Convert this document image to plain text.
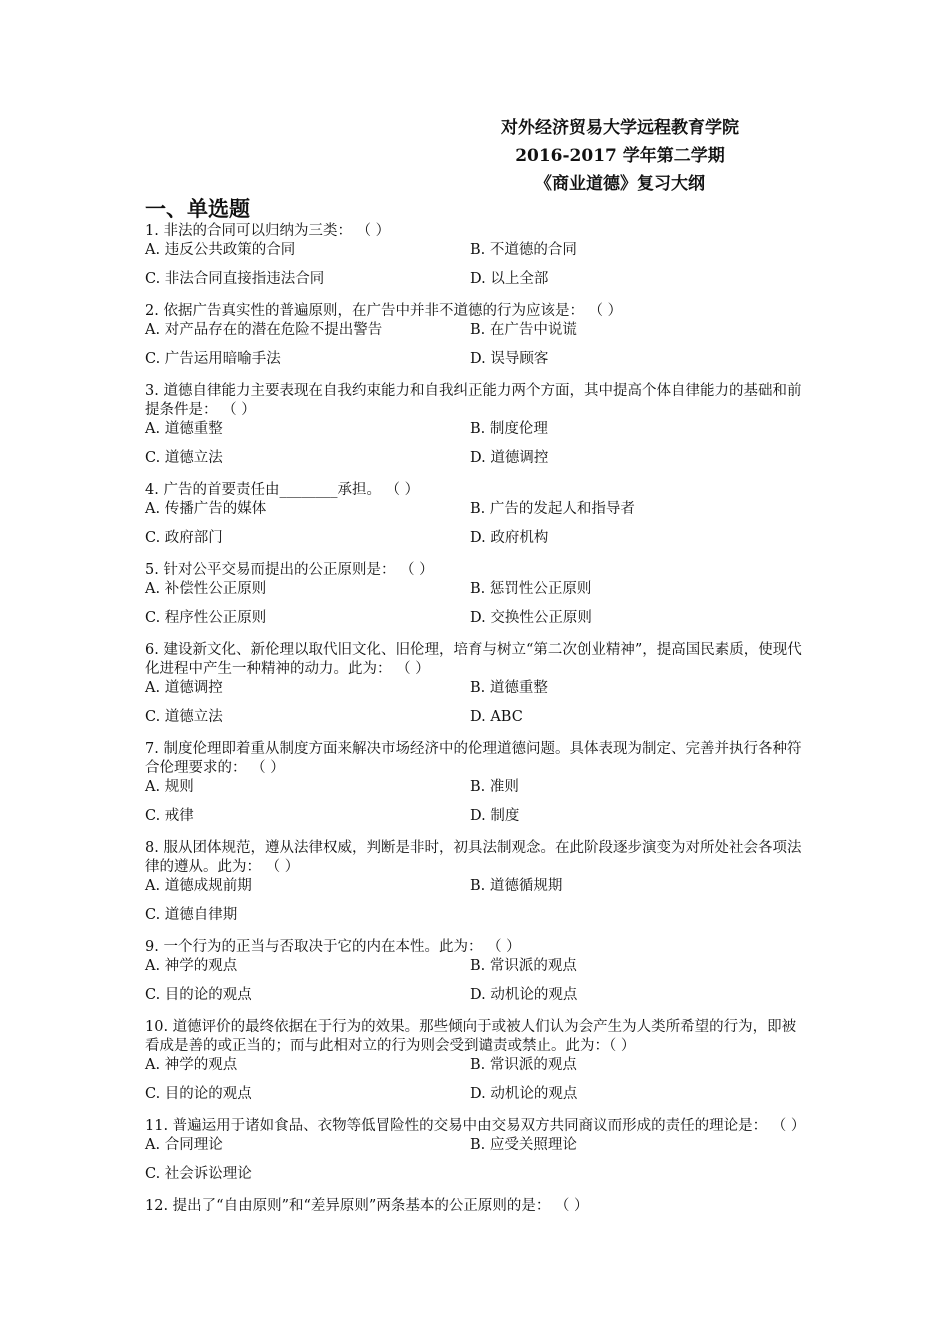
对外经济贸易大学远程教育学院
2016-2017 学年第二学期
《商业道德》复习大纲
一、单选题
1. 非法的合同可以归纳为三类： （ ）
A. 违反公共政策的合同	B. 不道德的合同
C. 非法合同直接指违法合同	D. 以上全部
2. 依据广告真实性的普遍原则，在广告中并非不道德的行为应该是： （ ）
A. 对产品存在的潜在危险不提出警告	B. 在广告中说谎
C. 广告运用暗喻手法	D. 误导顾客
3. 道德自律能力主要表现在自我约束能力和自我纠正能力两个方面，其中提高个体自律能力的基础和前提条件是： （ ）
A. 道德重整	B. 制度伦理
C. 道德立法	D. 道德调控
4. 广告的首要责任由________承担。 （ ）
A. 传播广告的媒体	B. 广告的发起人和指导者
C. 政府部门	D. 政府机构
5. 针对公平交易而提出的公正原则是： （ ）
A. 补偿性公正原则	B. 惩罚性公正原则
C. 程序性公正原则	D. 交换性公正原则
6. 建设新文化、新伦理以取代旧文化、旧伦理，培育与树立“第二次创业精神”，提高国民素质，使现代化进程中产生一种精神的动力。此为： （ ）
A. 道德调控	B. 道德重整
C. 道德立法	D. ABC
7. 制度伦理即着重从制度方面来解决市场经济中的伦理道德问题。具体表现为制定、完善并执行各种符合伦理要求的： （ ）
A. 规则	B. 准则
C. 戒律	D. 制度
8. 服从团体规范，遵从法律权威，判断是非时，初具法制观念。在此阶段逐步演变为对所处社会各项法律的遵从。此为： （ ）
A. 道德成规前期	B. 道德循规期
C. 道德自律期
9. 一个行为的正当与否取决于它的内在本性。此为： （ ）
A. 神学的观点	B. 常识派的观点
C. 目的论的观点	D. 动机论的观点
10. 道德评价的最终依据在于行为的效果。那些倾向于或被人们认为会产生为人类所希望的行为，即被看成是善的或正当的；而与此相对立的行为则会受到谴责或禁止。此为：（ ）
A. 神学的观点	B. 常识派的观点
C. 目的论的观点	D. 动机论的观点
11. 普遍运用于诸如食品、衣物等低冒险性的交易中由交易双方共同商议而形成的责任的理论是： （ ）
A. 合同理论	B. 应受关照理论
C. 社会诉讼理论
12. 提出了“自由原则”和“差异原则”两条基本的公正原则的是： （ ）
